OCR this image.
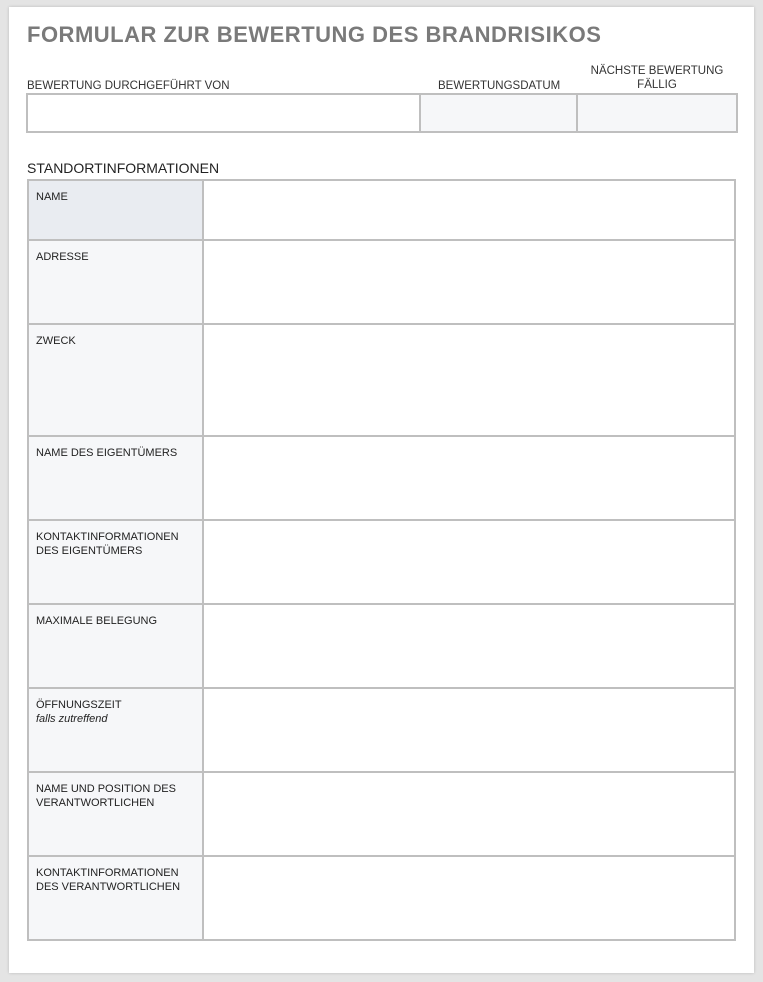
FORMULAR ZUR BEWERTUNG DES BRANDRISIKOS
BEWERTUNG DURCHGEFÜHRT VON	BEWERTUNGSDATUM
NÄCHSTE BEWERTUNG FÄLLIG
STANDORTINFORMATIONEN
NAME	
ADRESSE	
ZWECK	
NAME DES EIGENTÜMERS	
KONTAKTINFORMATIONEN DES EIGENTÜMERS	
MAXIMALE BELEGUNG	
ÖFFNUNGSZEIT
falls zutreffend	

NAME UND POSITION DES VERANTWORTLICHEN	
KONTAKTINFORMATIONEN DES VERANTWORTLICHEN	
